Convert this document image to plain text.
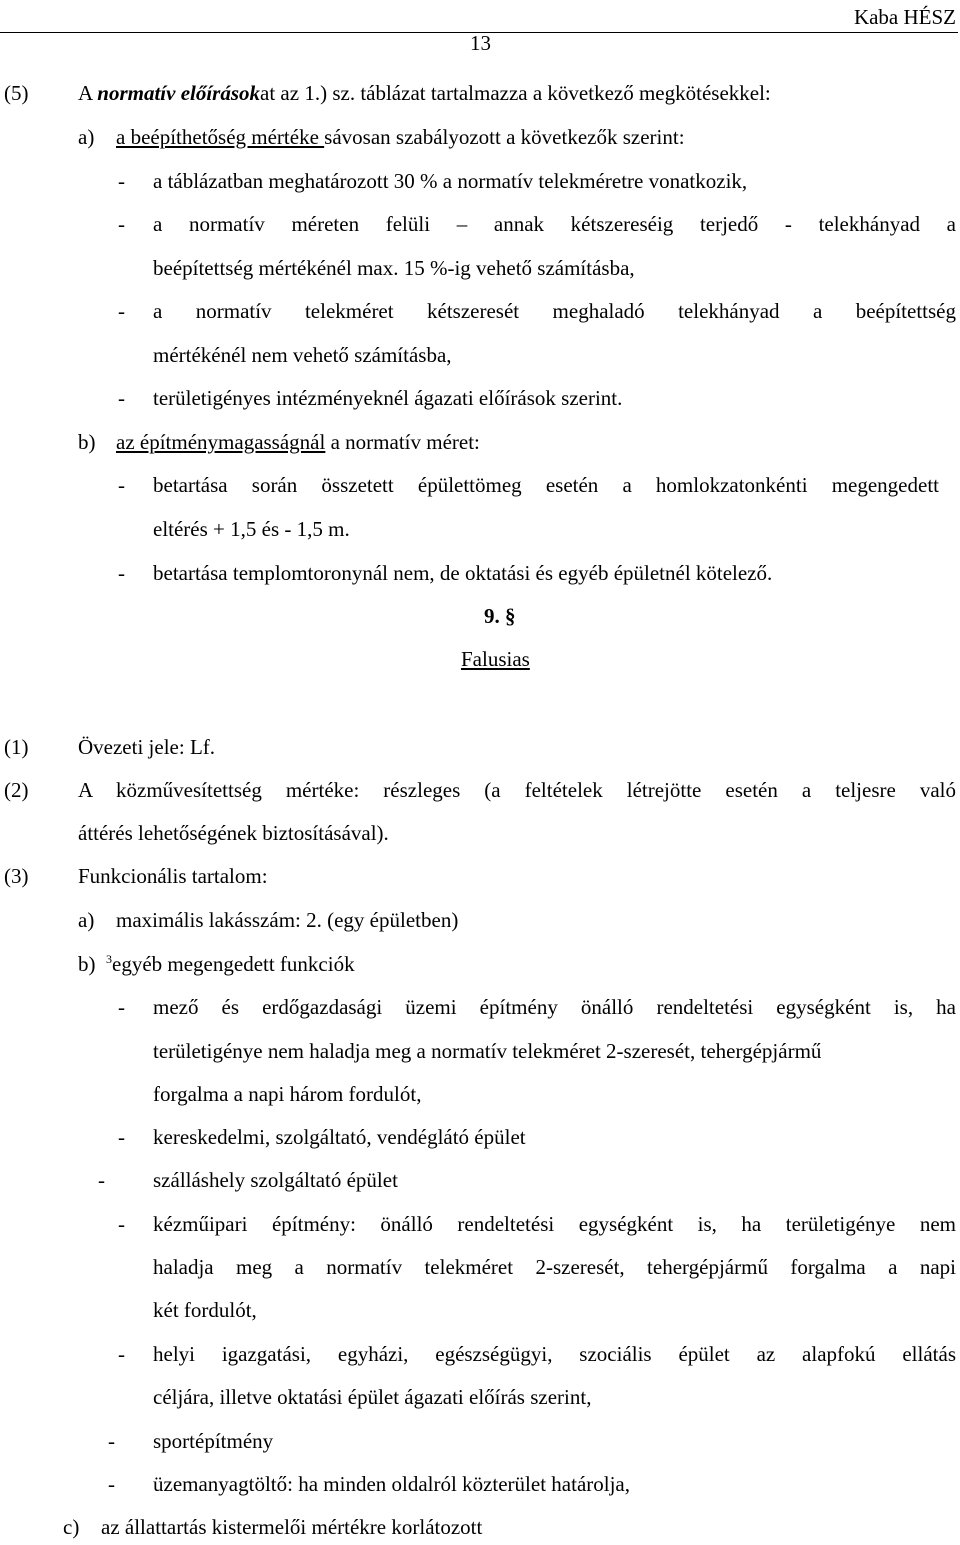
Kaba HÉSZ
13
(5) A normatív előírásokat az 1.) sz. táblázat tartalmazza a következő megkötésekkel:
a) a beépíthetőség mértéke sávosan szabályozott a következők szerint:
- a táblázatban meghatározott 30 % a normatív telekméretre vonatkozik,
- a normatív méreten felüli – annak kétszereséig terjedő - telekhányad a
beépítettség mértékénél max. 15 %-ig vehető számításba,
- a normatív telekméret kétszeresét meghaladó telekhányad a beépítettség
mértékénél nem vehető számításba,
- területigényes intézményeknél ágazati előírások szerint.
b) az építménymagasságnál a normatív méret:
- betartása során összetett épülettömeg esetén a homlokzatonkénti megengedett
eltérés + 1,5 és - 1,5 m.
- betartása templomtoronynál nem, de oktatási és egyéb épületnél kötelező.
9. §
Falusias
(1) Övezeti jele: Lf.
(2) A közművesítettség mértéke: részleges (a feltételek létrejötte esetén a teljesre való
áttérés lehetőségének biztosításával).
(3) Funkcionális tartalom:
a) maximális lakásszám: 2. (egy épületben)
b) $^3$egyéb megengedett funkciók
- mező és erdőgazdasági üzemi építmény önálló rendeltetési egységként is, ha
területigénye nem haladja meg a normatív telekméret 2-szeresét, tehergépjármű
forgalma a napi három fordulót,
- kereskedelmi, szolgáltató, vendéglátó épület
- szálláshely szolgáltató épület
- kézműipari építmény: önálló rendeltetési egységként is, ha területigénye nem
haladja meg a normatív telekméret 2-szeresét, tehergépjármű forgalma a napi
két fordulót,
- helyi igazgatási, egyházi, egészségügyi, szociális épület az alapfokú ellátás
céljára, illetve oktatási épület ágazati előírás szerint,
- sportépítmény
- üzemanyagtöltő: ha minden oldalról közterület határolja,
c) az állattartás kistermelői mértékre korlátozott
